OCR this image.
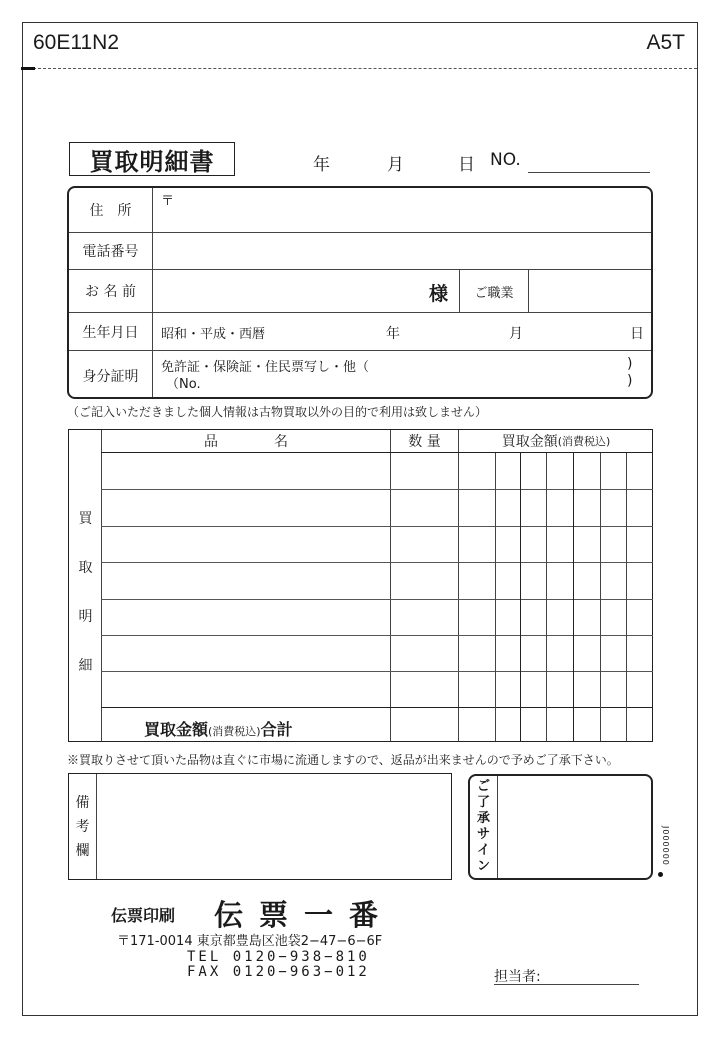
60E11N2	A5T
買取明細書	年	月	日 NO.
住　所
〒
電話番号
お 名 前	様	ご職業
生年月日	昭和・平成・西暦	年	月	日
身分証明
免許証・保険証・住民票写し・他（	)
（No.	)
（ご記入いただきました個人情報は古物買取以外の目的で利用は致しません）
買
取
明
細
品　　　　名	数 量	買取金額 (消費税込)
買取金額(消費税込)合計
※買取りさせて頂いた品物は直ぐに市場に流通しますので、返品が出来ませんので予めご了承下さい。
備
考
欄
ご
了
承
サ
イ
ン
J000000
伝票印刷 伝票一番
〒171-0014 東京都豊島区池袋2−47−6−6F
TEL 0120−938−810
FAX 0120−963−012	担当者:
